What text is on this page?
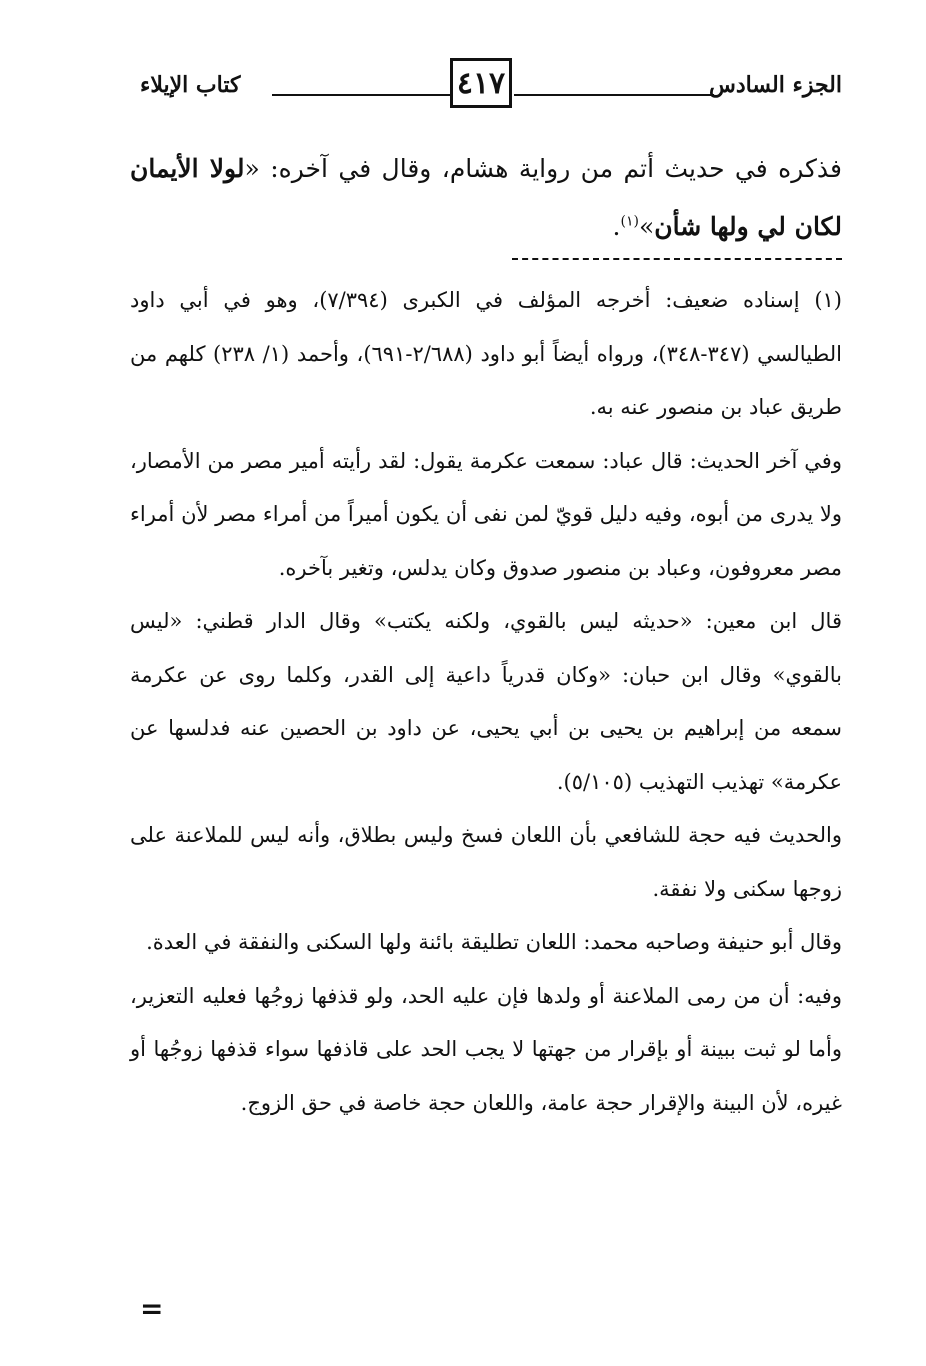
الجزء السادس
٤١٧
كتاب الإيلاء

فذكره في حديث أتم من رواية هشام، وقال في آخره: «لولا الأيمان لكان لي ولها شأن»$^{(١)}$.

(١) إسناده ضعيف: أخرجه المؤلف في الكبرى (٧/٣٩٤)، وهو في أبي داود الطيالسي (٣٤٧-٣٤٨)، ورواه أيضاً أبو داود (٢/٦٨٨-٦٩١)، وأحمد (١/ ٢٣٨) كلهم من طريق عباد بن منصور عنه به.

وفي آخر الحديث: قال عباد: سمعت عكرمة يقول: لقد رأيته أمير مصر من الأمصار، ولا يدرى من أبوه، وفيه دليل قويّ لمن نفى أن يكون أميراً من أمراء مصر لأن أمراء مصر معروفون، وعباد بن منصور صدوق وكان يدلس، وتغير بآخره.

قال ابن معين: «حديثه ليس بالقوي، ولكنه يكتب» وقال الدار قطني: «ليس بالقوي» وقال ابن حبان: «وكان قدرياً داعية إلى القدر، وكلما روى عن عكرمة سمعه من إبراهيم بن يحيى بن أبي يحيى، عن داود بن الحصين عنه فدلسها عن عكرمة» تهذيب التهذيب (٥/١٠٥).

والحديث فيه حجة للشافعي بأن اللعان فسخ وليس بطلاق، وأنه ليس للملاعنة على زوجها سكنى ولا نفقة.

وقال أبو حنيفة وصاحبه محمد: اللعان تطليقة بائنة ولها السكنى والنفقة في العدة.

وفيه: أن من رمى الملاعنة أو ولدها فإن عليه الحد، ولو قذفها زوجُها فعليه التعزير، وأما لو ثبت ببينة أو بإقرار من جهتها لا يجب الحد على قاذفها سواء قذفها زوجُها أو غيره، لأن البينة والإقرار حجة عامة، واللعان حجة خاصة في حق الزوج.

=
